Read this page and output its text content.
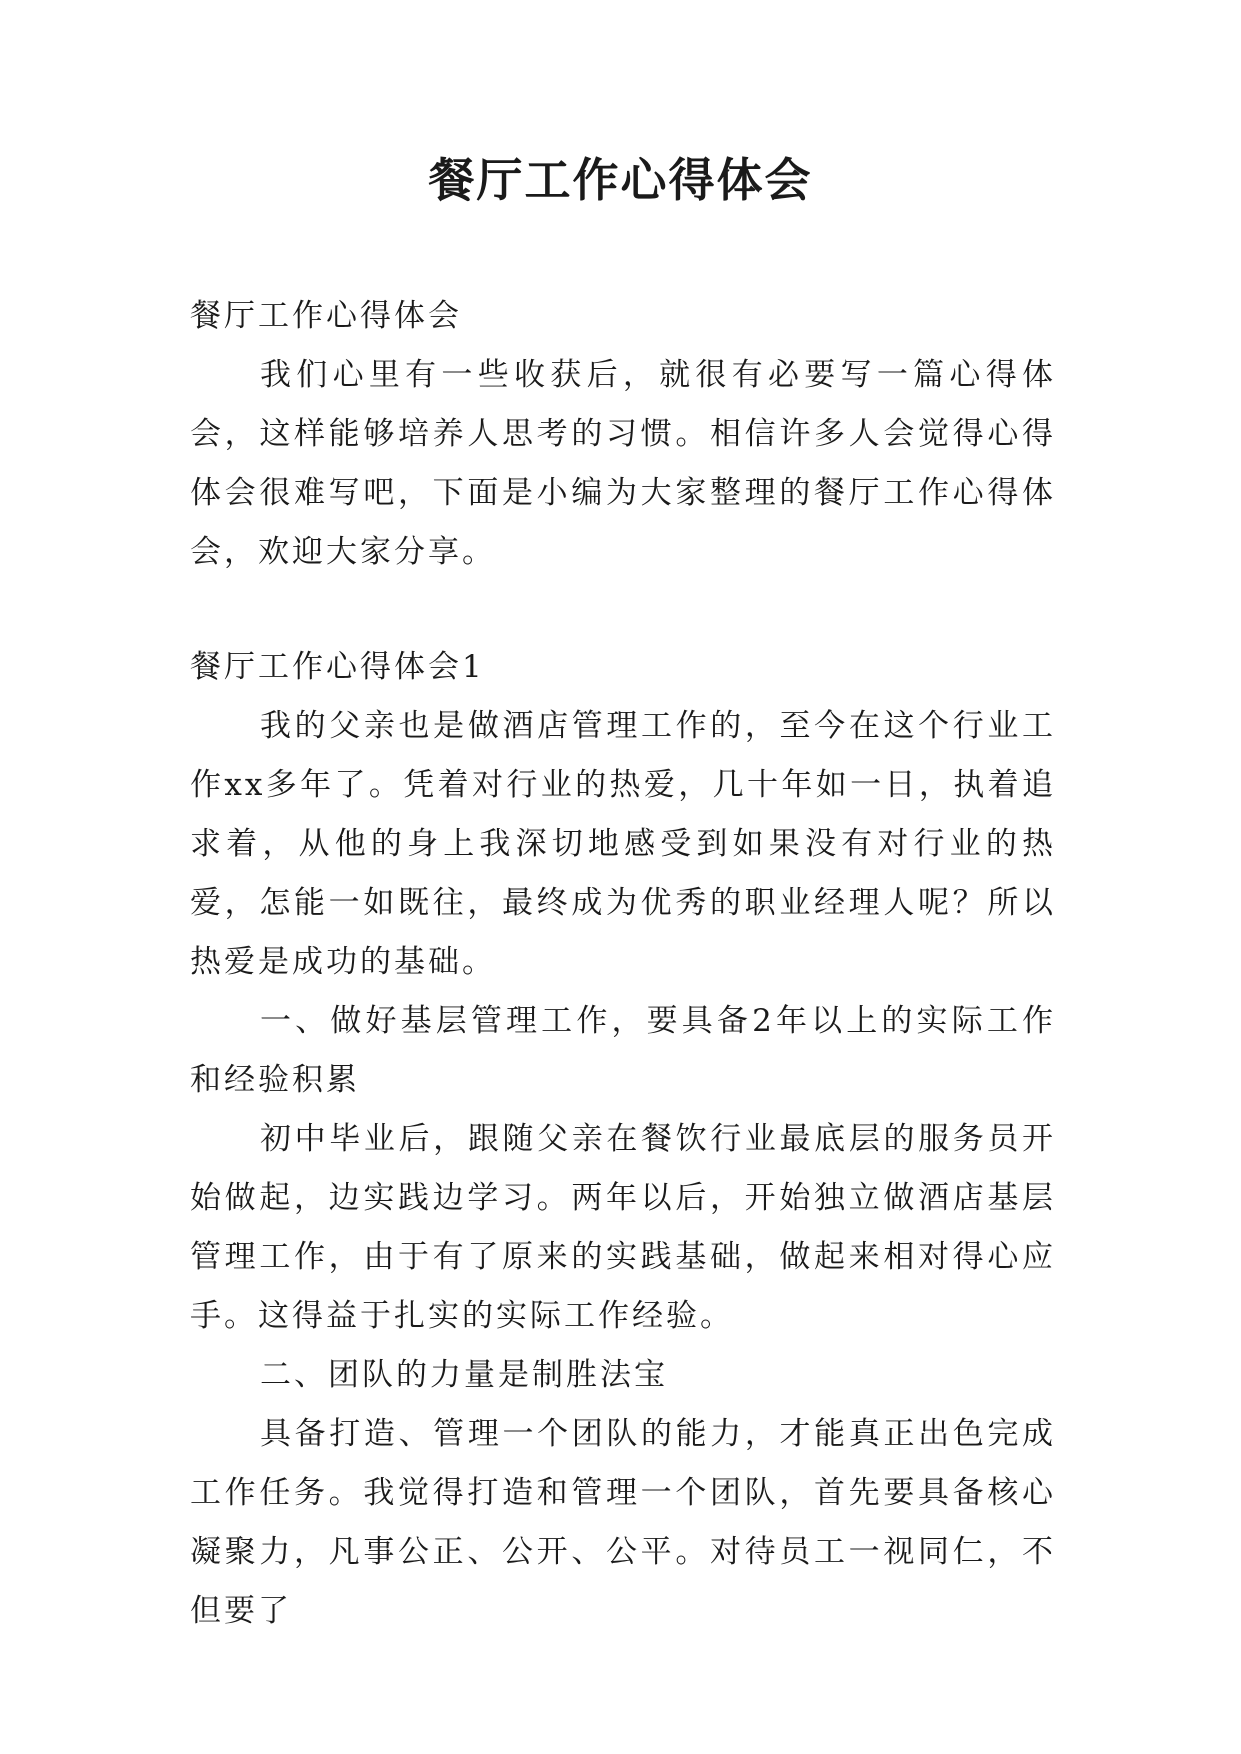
餐厅工作心得体会

餐厅工作心得体会

我们心里有一些收获后，就很有必要写一篇心得体会，这样能够培养人思考的习惯。相信许多人会觉得心得体会很难写吧，下面是小编为大家整理的餐厅工作心得体会，欢迎大家分享。

餐厅工作心得体会1

我的父亲也是做酒店管理工作的，至今在这个行业工作xx多年了。凭着对行业的热爱，几十年如一日，执着追求着，从他的身上我深切地感受到如果没有对行业的热爱，怎能一如既往，最终成为优秀的职业经理人呢？所以热爱是成功的基础。

一、做好基层管理工作，要具备2年以上的实际工作和经验积累

初中毕业后，跟随父亲在餐饮行业最底层的服务员开始做起，边实践边学习。两年以后，开始独立做酒店基层管理工作，由于有了原来的实践基础，做起来相对得心应手。这得益于扎实的实际工作经验。

二、团队的力量是制胜法宝

具备打造、管理一个团队的能力，才能真正出色完成工作任务。我觉得打造和管理一个团队，首先要具备核心凝聚力，凡事公正、公开、公平。对待员工一视同仁，不但要了
